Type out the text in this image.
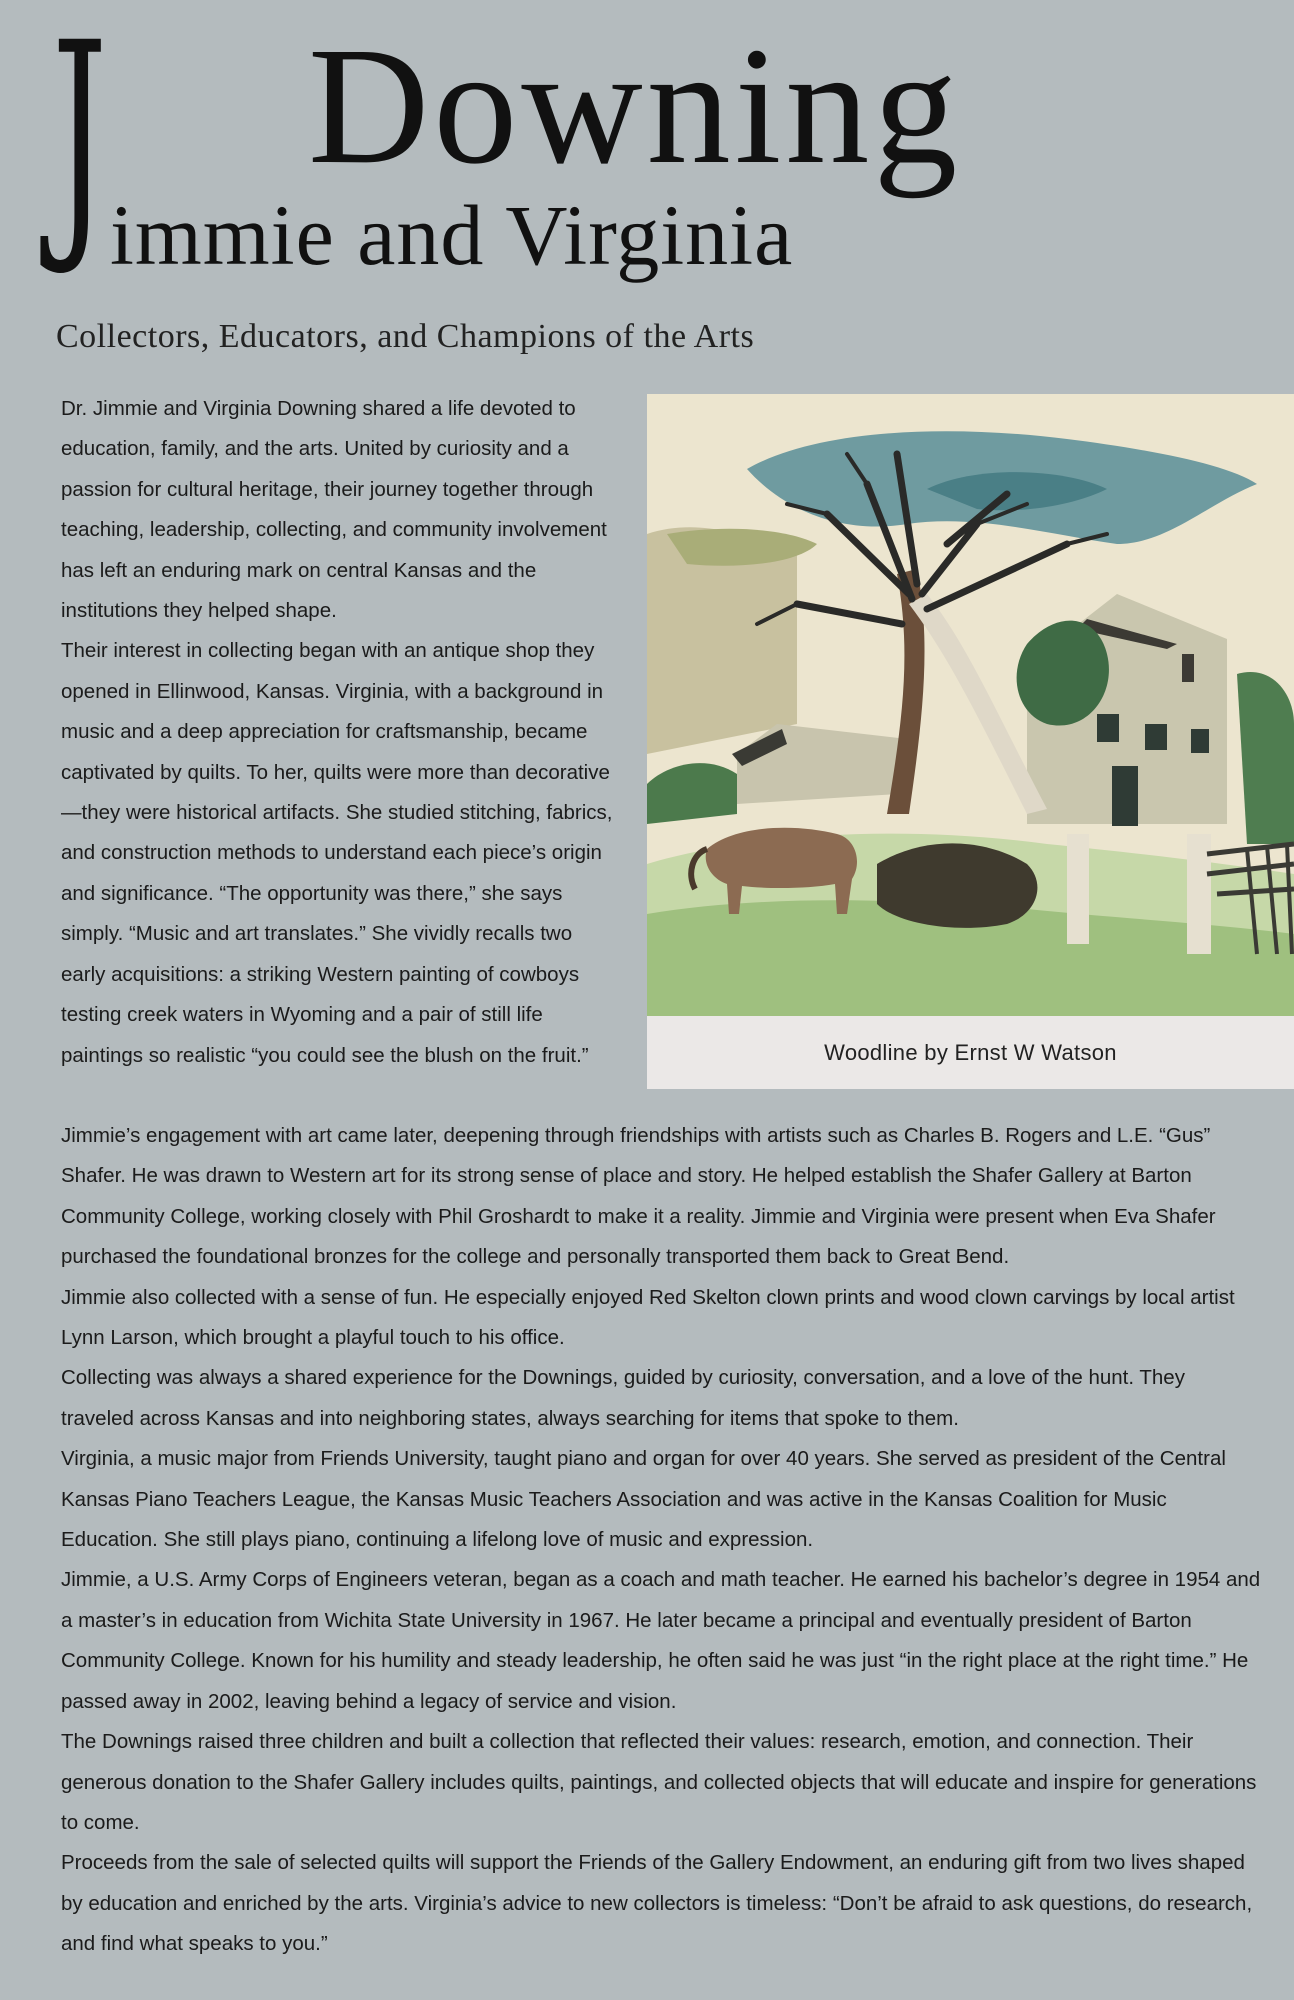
J Downing
immie and Virginia
Collectors, Educators, and Champions of the Arts

Dr. Jimmie and Virginia Downing shared a life devoted to education, family, and the arts. United by curiosity and a passion for cultural heritage, their journey together through teaching, leadership, collecting, and community involvement has left an enduring mark on central Kansas and the institutions they helped shape.

Their interest in collecting began with an antique shop they opened in Ellinwood, Kansas. Virginia, with a background in music and a deep appreciation for craftsmanship, became captivated by quilts. To her, quilts were more than decorative—they were historical artifacts. She studied stitching, fabrics, and construction methods to understand each piece’s origin and significance. “The opportunity was there,” she says simply. “Music and art translates.” She vividly recalls two early acquisitions: a striking Western painting of cowboys testing creek waters in Wyoming and a pair of still life paintings so realistic “you could see the blush on the fruit.”	Woodline by Ernst W Watson

Jimmie’s engagement with art came later, deepening through friendships with artists such as Charles B. Rogers and L.E. “Gus” Shafer. He was drawn to Western art for its strong sense of place and story. He helped establish the Shafer Gallery at Barton Community College, working closely with Phil Groshardt to make it a reality. Jimmie and Virginia were present when Eva Shafer purchased the foundational bronzes for the college and personally transported them back to Great Bend.

Jimmie also collected with a sense of fun. He especially enjoyed Red Skelton clown prints and wood clown carvings by local artist Lynn Larson, which brought a playful touch to his office.

Collecting was always a shared experience for the Downings, guided by curiosity, conversation, and a love of the hunt. They traveled across Kansas and into neighboring states, always searching for items that spoke to them.

Virginia, a music major from Friends University, taught piano and organ for over 40 years. She served as president of the Central Kansas Piano Teachers League, the Kansas Music Teachers Association and was active in the Kansas Coalition for Music Education. She still plays piano, continuing a lifelong love of music and expression.

Jimmie, a U.S. Army Corps of Engineers veteran, began as a coach and math teacher. He earned his bachelor’s degree in 1954 and a master’s in education from Wichita State University in 1967. He later became a principal and eventually president of Barton Community College. Known for his humility and steady leadership, he often said he was just “in the right place at the right time.” He passed away in 2002, leaving behind a legacy of service and vision.

The Downings raised three children and built a collection that reflected their values: research, emotion, and connection. Their generous donation to the Shafer Gallery includes quilts, paintings, and collected objects that will educate and inspire for generations to come.

Proceeds from the sale of selected quilts will support the Friends of the Gallery Endowment, an enduring gift from two lives shaped by education and enriched by the arts. Virginia’s advice to new collectors is timeless: “Don’t be afraid to ask questions, do research, and find what speaks to you.”
